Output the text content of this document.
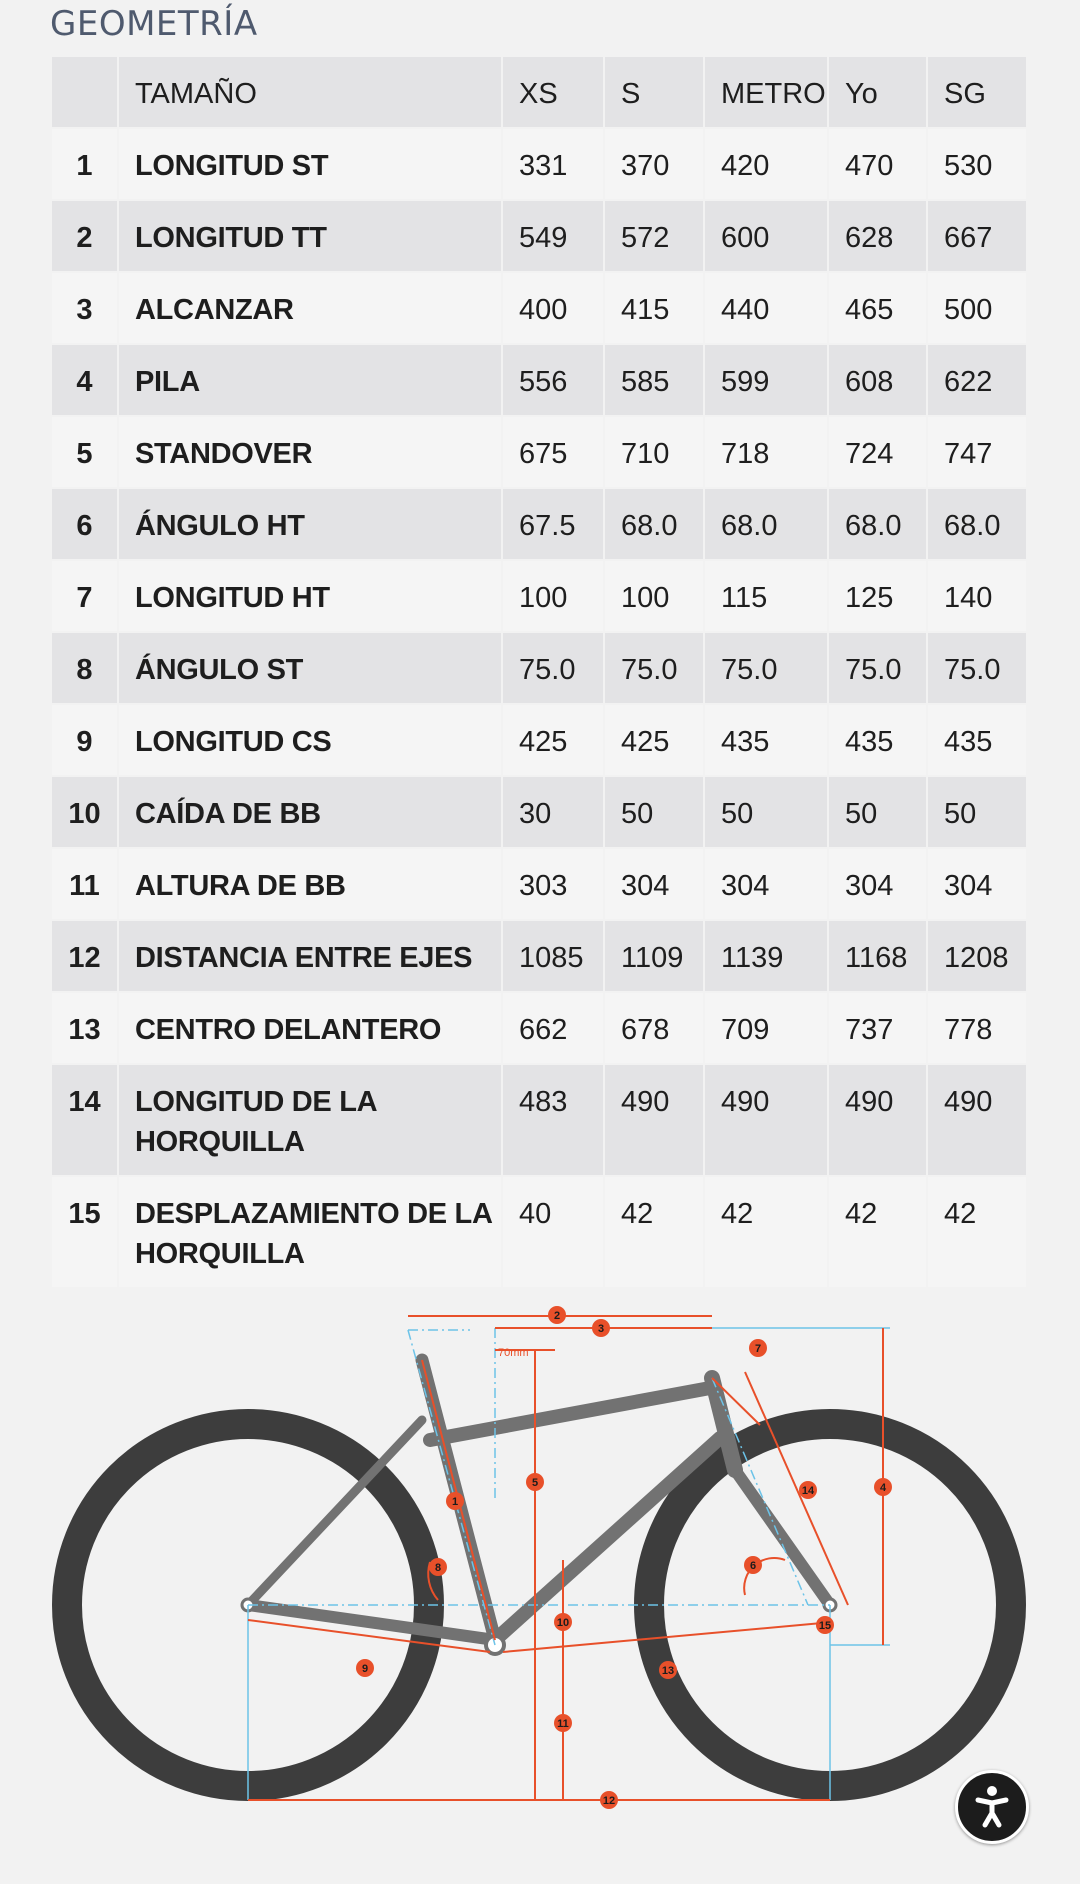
GEOMETRÍA
	TAMAÑO	XS	S	METRO	Yo	SG
1	LONGITUD ST	331	370	420	470	530
2	LONGITUD TT	549	572	600	628	667
3	ALCANZAR	400	415	440	465	500
4	PILA	556	585	599	608	622
5	STANDOVER	675	710	718	724	747
6	ÁNGULO HT	67.5	68.0	68.0	68.0	68.0
7	LONGITUD HT	100	100	115	125	140
8	ÁNGULO ST	75.0	75.0	75.0	75.0	75.0
9	LONGITUD CS	425	425	435	435	435
10	CAÍDA DE BB	30	50	50	50	50
11	ALTURA DE BB	303	304	304	304	304
12	DISTANCIA ENTRE EJES	1085	1109	1139	1168	1208
13	CENTRO DELANTERO	662	678	709	737	778
14	LONGITUD DE LA HORQUILLA	483	490	490	490	490
15	DESPLAZAMIENTO DE LA HORQUILLA	40	42	42	42	42
70mm
1
2
3
4
5
6
7
8
9
10
11
12
13
14
15
